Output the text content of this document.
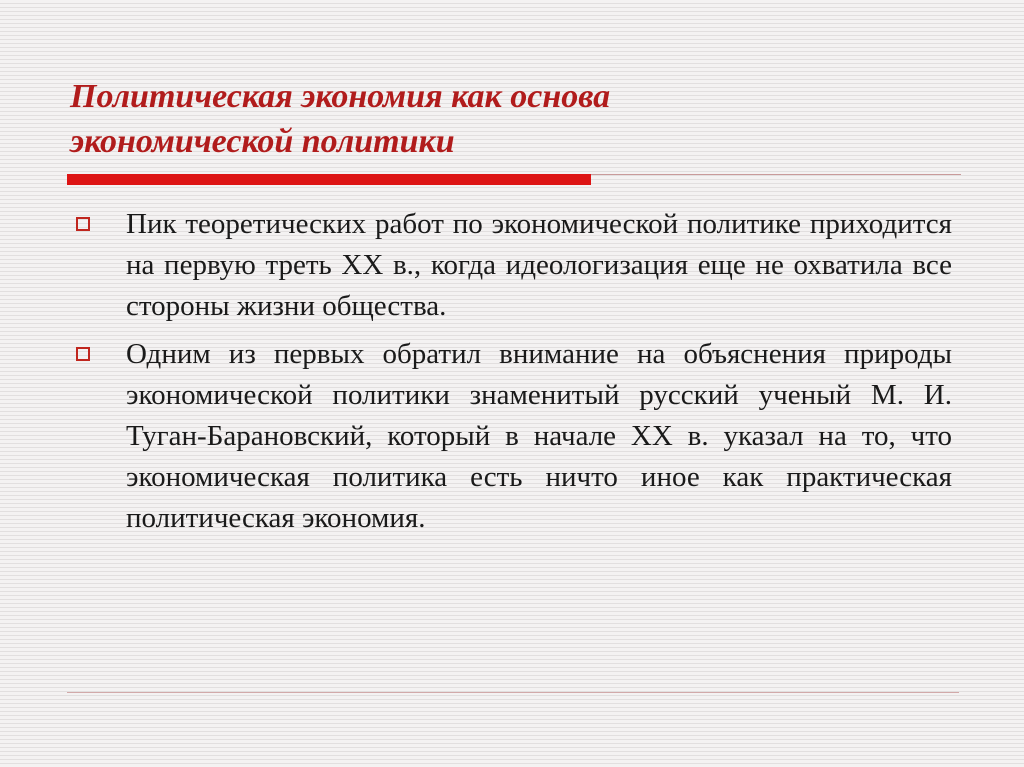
Политическая экономия как основа
экономической политики
Пик теоретических работ по экономической политике приходится на первую треть ХХ в., когда идеологизация еще не охватила все стороны жизни общества.
Одним из первых обратил внимание на объяснения природы экономической политики знаменитый русский ученый М. И. Туган-Барановский, который в начале ХХ в. указал на то, что экономическая политика есть ничто иное как практическая политическая экономия.
